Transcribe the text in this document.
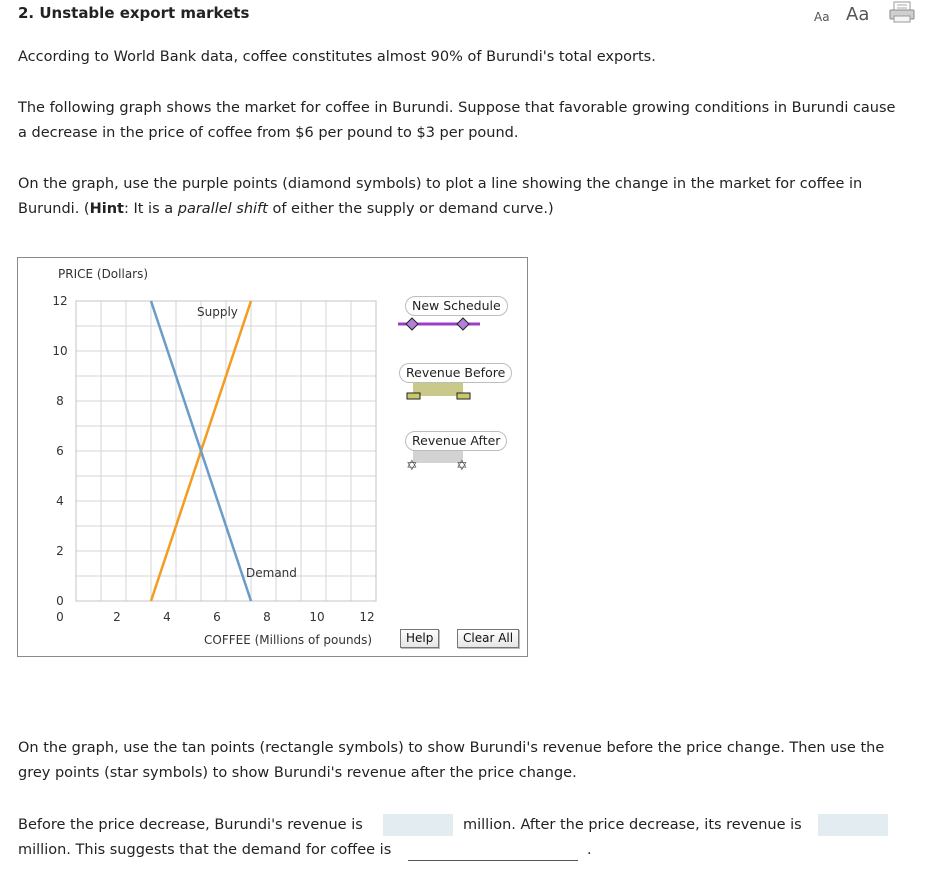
2. Unstable export markets	Aa Aa
According to World Bank data, coffee constitutes almost 90% of Burundi's total exports.
The following graph shows the market for coffee in Burundi. Suppose that favorable growing conditions in Burundi cause a decrease in the price of coffee from $6 per pound to $3 per pound.
On the graph, use the purple points (diamond symbols) to plot a line showing the change in the market for coffee in Burundi. (Hint: It is a parallel shift of either the supply or demand curve.)
PRICE (Dollars)
12
10
8
6
4
2
0
0	2	4	6	8	10	12
Supply
Demand
COFFEE (Millions of pounds)
✡	✡
New Schedule
Revenue Before
Revenue After
Help	Clear All
On the graph, use the tan points (rectangle symbols) to show Burundi's revenue before the price change. Then use the grey points (star symbols) to show Burundi's revenue after the price change.
Before the price decrease, Burundi's revenue is	million. After the price decrease, its revenue is
million. This suggests that the demand for coffee is	.
